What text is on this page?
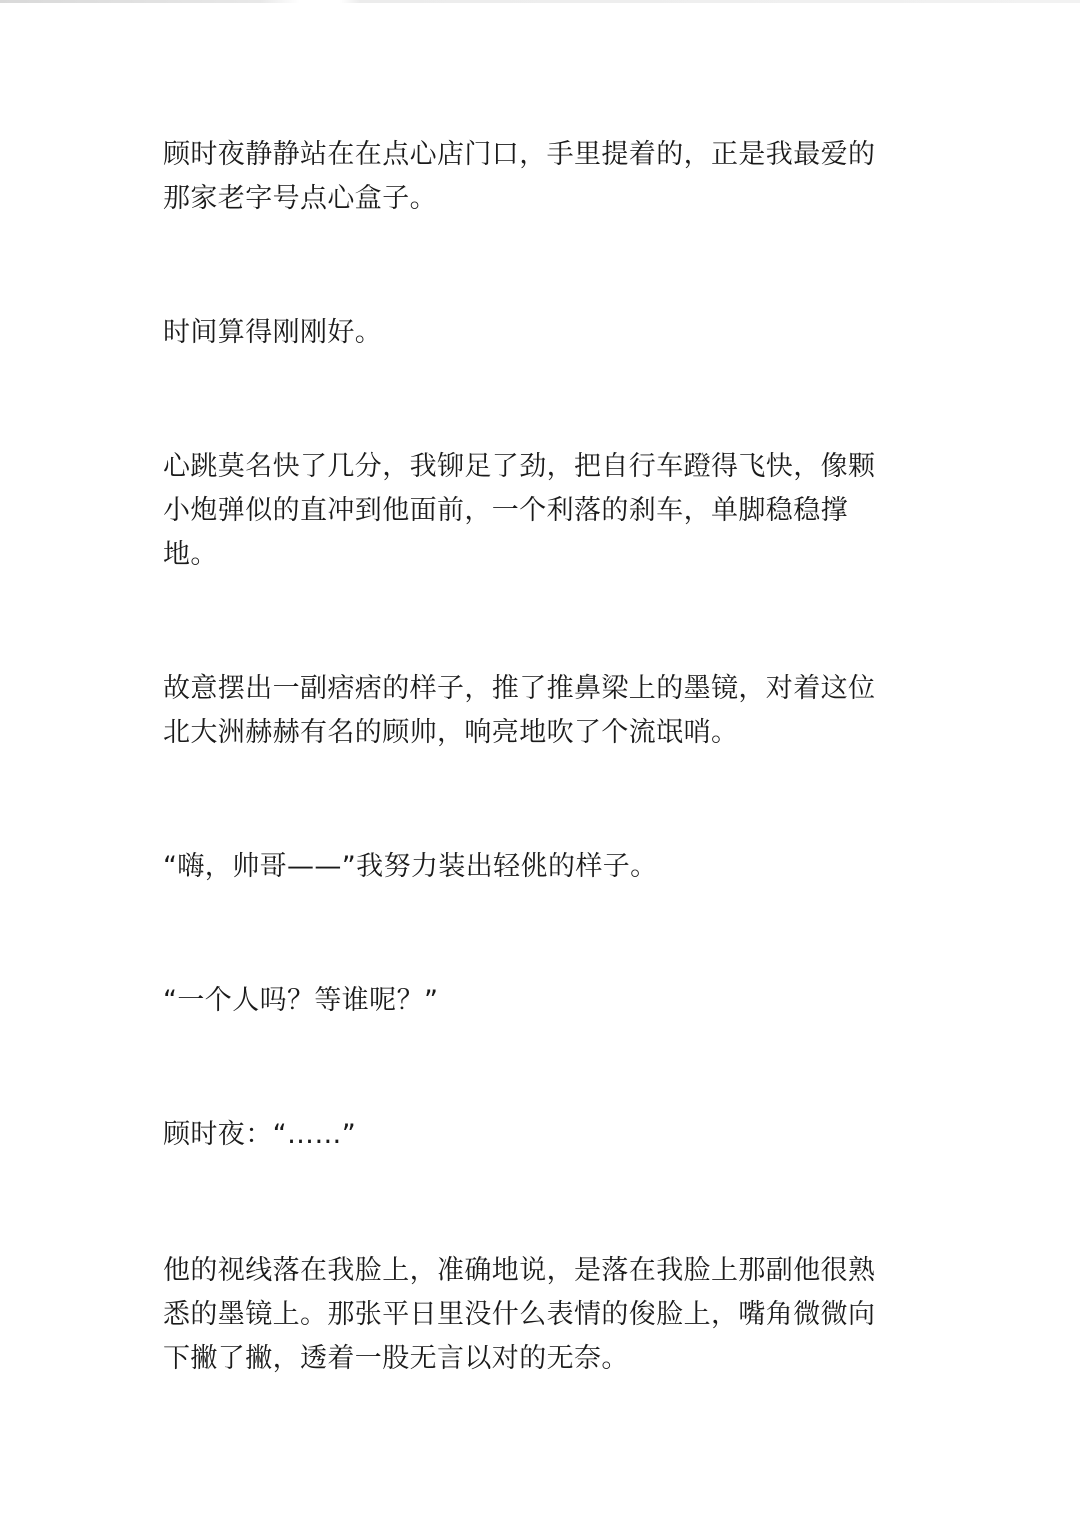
顾时夜静静站在在点心店门口，手里提着的，正是我最爱的那家老字号点心盒子。

时间算得刚刚好。

心跳莫名快了几分，我铆足了劲，把自行车蹬得飞快，像颗小炮弹似的直冲到他面前，一个利落的刹车，单脚稳稳撑地。

故意摆出一副痞痞的样子，推了推鼻梁上的墨镜，对着这位北大洲赫赫有名的顾帅，响亮地吹了个流氓哨。

“嗨，帅哥——”我努力装出轻佻的样子。

“一个人吗？等谁呢？”

顾时夜：“……”

他的视线落在我脸上，准确地说，是落在我脸上那副他很熟悉的墨镜上。那张平日里没什么表情的俊脸上，嘴角微微向下撇了撇，透着一股无言以对的无奈。
